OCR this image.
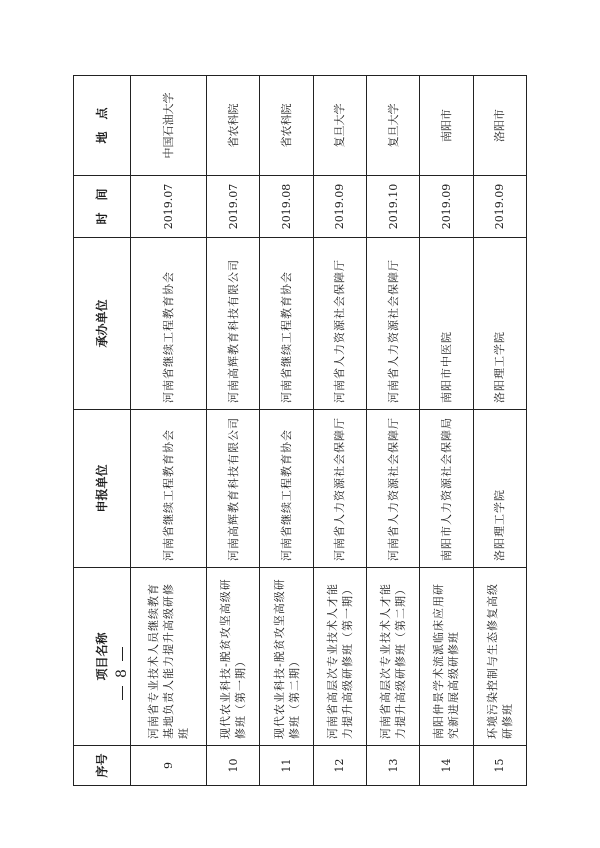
序号	项目名称	申报单位	承办单位	时　间	地　点
9	河南省专业技术人员继续教育基地负责人能力提升高级研修班	河南省继续工程教育协会	河南省继续工程教育协会	2019.07	中国石油大学
10	现代农业科技-脱贫攻坚高级研修班（第一期）	河南高辉教育科技有限公司	河南高辉教育科技有限公司	2019.07	省农科院
11	现代农业科技-脱贫攻坚高级研修班（第二期）	河南省继续工程教育协会	河南省继续工程教育协会	2019.08	省农科院
12	河南省高层次专业技术人才能力提升高级研修班（第一期）	河南省人力资源社会保障厅	河南省人力资源社会保障厅	2019.09	复旦大学
13	河南省高层次专业技术人才能力提升高级研修班（第二期）	河南省人力资源社会保障厅	河南省人力资源社会保障厅	2019.10	复旦大学
14	南阳仲景学术流派临床应用研究新进展高级研修班	南阳市人力资源社会保障局	南阳市中医院	2019.09	南阳市
15	环境污染控制与生态修复高级研修班	洛阳理工学院	洛阳理工学院	2019.09	洛阳市
8
